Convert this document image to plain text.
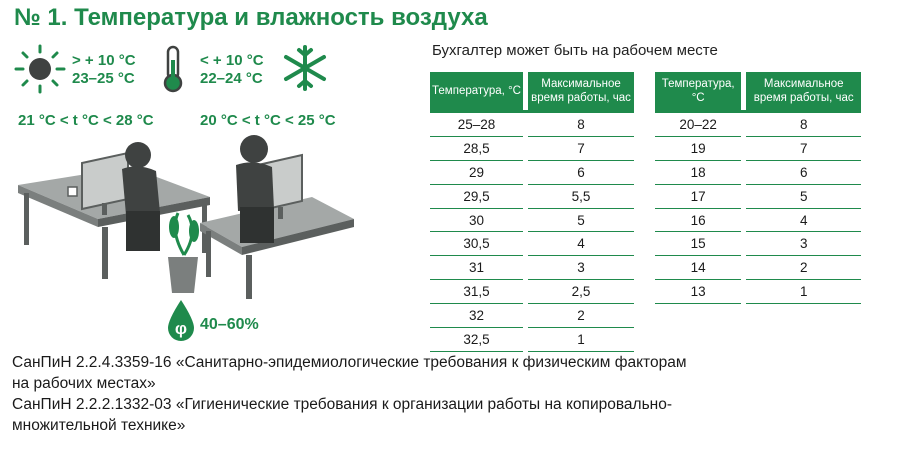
№ 1. Температура и влажность воздуха
> + 10 °С
23–25 °С
< + 10 °С
22–24 °С
21 °С < t °С < 28 °С	20 °С < t °С < 25 °С
φ 40–60%
Бухгалтер может быть на рабочем месте
Температура, °С		Максимальное время работы, час
25–28		8
28,5		7
29		6
29,5		5,5
30		5
30,5		4
31		3
31,5		2,5
32		2
32,5		1
Температура, °С		Максимальное время работы, час
20–22		8
19		7
18		6
17		5
16		4
15		3
14		2
13		1
СанПиН 2.2.4.3359-16 «Санитарно-эпидемиологические требования к физическим факторам
на рабочих местах»
СанПиН 2.2.2.1332-03 «Гигиенические требования к организации работы на копировально-
множительной технике»
